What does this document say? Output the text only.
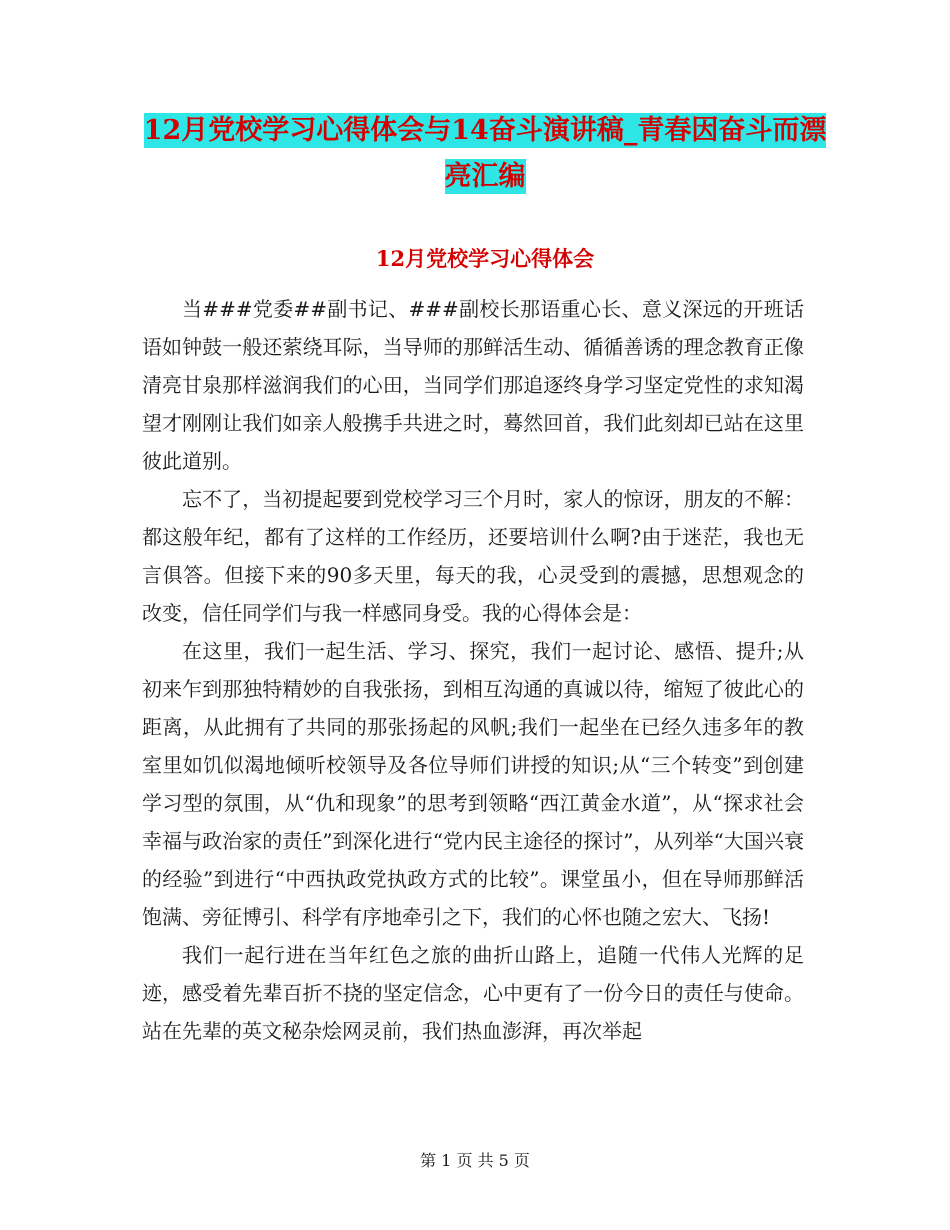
12月党校学习心得体会与14奋斗演讲稿_青春因奋斗而漂亮汇编
12月党校学习心得体会

当###党委##副书记、###副校长那语重心长、意义深远的开班话语如钟鼓一般还萦绕耳际，当导师的那鲜活生动、循循善诱的理念教育正像清亮甘泉那样滋润我们的心田，当同学们那追逐终身学习坚定党性的求知渴望才刚刚让我们如亲人般携手共进之时，蓦然回首，我们此刻却已站在这里彼此道别。

忘不了，当初提起要到党校学习三个月时，家人的惊讶，朋友的不解：都这般年纪，都有了这样的工作经历，还要培训什么啊?由于迷茫，我也无言俱答。但接下来的90多天里，每天的我，心灵受到的震撼，思想观念的改变，信任同学们与我一样感同身受。我的心得体会是：

在这里，我们一起生活、学习、探究，我们一起讨论、感悟、提升;从初来乍到那独特精妙的自我张扬，到相互沟通的真诚以待，缩短了彼此心的距离，从此拥有了共同的那张扬起的风帆;我们一起坐在已经久违多年的教室里如饥似渴地倾听校领导及各位导师们讲授的知识;从“三个转变”到创建学习型的氛围，从“仇和现象”的思考到领略“西江黄金水道”，从“探求社会幸福与政治家的责任”到深化进行“党内民主途径的探讨”，从列举“大国兴衰的经验”到进行“中西执政党执政方式的比较”。课堂虽小，但在导师那鲜活饱满、旁征博引、科学有序地牵引之下，我们的心怀也随之宏大、飞扬!

我们一起行进在当年红色之旅的曲折山路上，追随一代伟人光辉的足迹，感受着先辈百折不挠的坚定信念，心中更有了一份今日的责任与使命。站在先辈的英文秘杂烩网灵前，我们热血澎湃，再次举起

第 1 页 共 5 页
